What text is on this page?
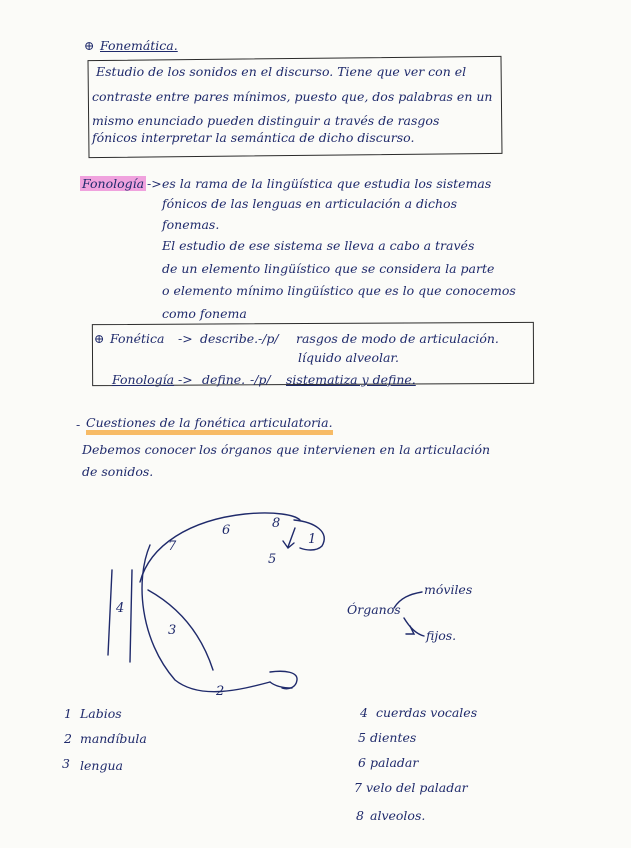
⊕ Fonemática.
Estudio de los sonidos en el discurso. Tiene que ver con el
contraste entre pares mínimos, puesto que, dos palabras en un
mismo enunciado pueden distinguir a través de rasgos
fónicos interpretar la semántica de dicho discurso.
Fonología -> es la rama de la lingüística que estudia los sistemas
fónicos de las lenguas en articulación a dichos
fonemas.
El estudio de ese sistema se lleva a cabo a través
de un elemento lingüístico que se considera la parte
o elemento mínimo lingüístico que es lo que conocemos
como fonema
⊕ Fonética -> describe. -/p/ rasgos de modo de articulación.
líquido alveolar.
Fonología -> define. -/p/ sistematiza y define.
- Cuestiones de la fonética articulatoria.
Debemos conocer los órganos que intervienen en la articulación
de sonidos.
1
2
3
4
5
6
7
8
Órganos
móviles
fijos.
1 Labios
2 mandíbula
3 lengua
4 cuerdas vocales
5 dientes
6 paladar
7 velo del paladar
8 alveolos.
